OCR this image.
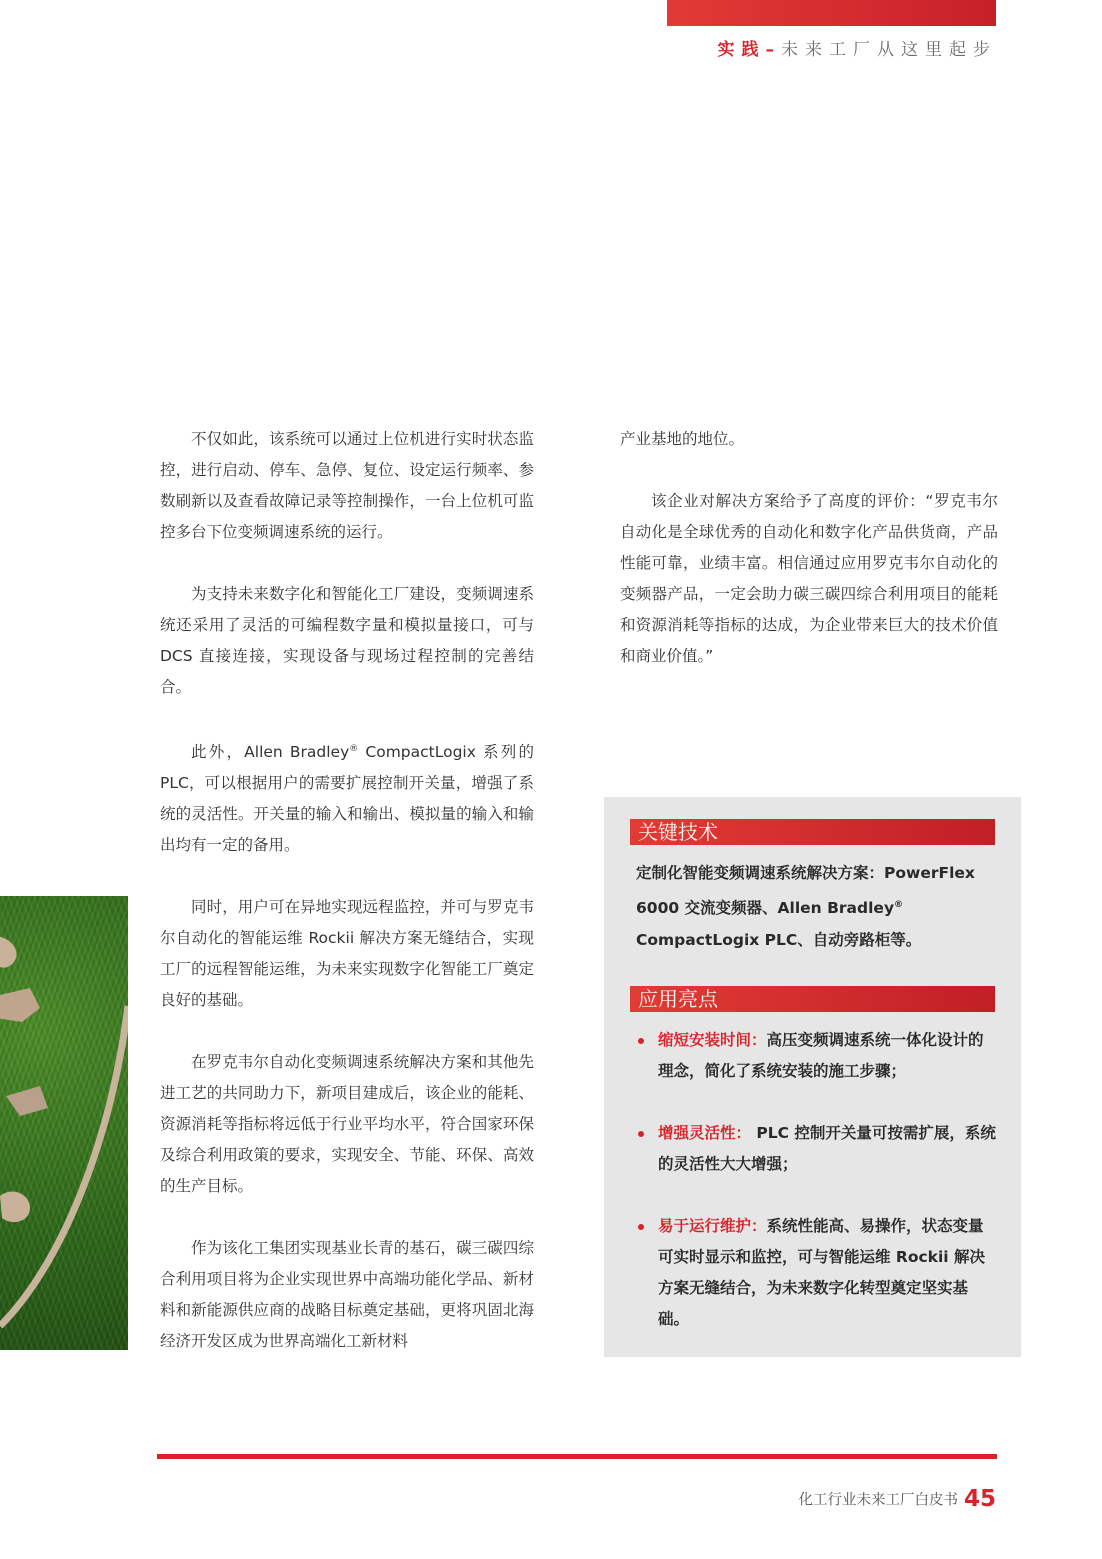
实践–未来工厂从这里起步

不仅如此，该系统可以通过上位机进行实时状态监控，进行启动、停车、急停、复位、设定运行频率、参数刷新以及查看故障记录等控制操作，一台上位机可监控多台下位变频调速系统的运行。

为支持未来数字化和智能化工厂建设，变频调速系统还采用了灵活的可编程数字量和模拟量接口，可与 DCS 直接连接，实现设备与现场过程控制的完善结合。

此外，Allen Bradley® CompactLogix 系列的 PLC，可以根据用户的需要扩展控制开关量，增强了系统的灵活性。开关量的输入和输出、模拟量的输入和输出均有一定的备用。

同时，用户可在异地实现远程监控，并可与罗克韦尔自动化的智能运维 Rockii 解决方案无缝结合，实现工厂的远程智能运维，为未来实现数字化智能工厂奠定良好的基础。

在罗克韦尔自动化变频调速系统解决方案和其他先进工艺的共同助力下，新项目建成后，该企业的能耗、资源消耗等指标将远低于行业平均水平，符合国家环保及综合利用政策的要求，实现安全、节能、环保、高效的生产目标。

作为该化工集团实现基业长青的基石，碳三碳四综合利用项目将为企业实现世界中高端功能化学品、新材料和新能源供应商的战略目标奠定基础，更将巩固北海经济开发区成为世界高端化工新材料

产业基地的地位。

该企业对解决方案给予了高度的评价：“罗克韦尔自动化是全球优秀的自动化和数字化产品供货商，产品性能可靠，业绩丰富。相信通过应用罗克韦尔自动化的变频器产品，一定会助力碳三碳四综合利用项目的能耗和资源消耗等指标的达成，为企业带来巨大的技术价值和商业价值。”

关键技术
定制化智能变频调速系统解决方案：PowerFlex 6000 交流变频器、Allen Bradley® CompactLogix PLC、自动旁路柜等。
应用亮点
缩短安装时间：高压变频调速系统一体化设计的理念，简化了系统安装的施工步骤；
增强灵活性： PLC 控制开关量可按需扩展，系统的灵活性大大增强；
易于运行维护：系统性能高、易操作，状态变量可实时显示和监控，可与智能运维 Rockii 解决方案无缝结合，为未来数字化转型奠定坚实基础。
化工行业未来工厂白皮书 45
